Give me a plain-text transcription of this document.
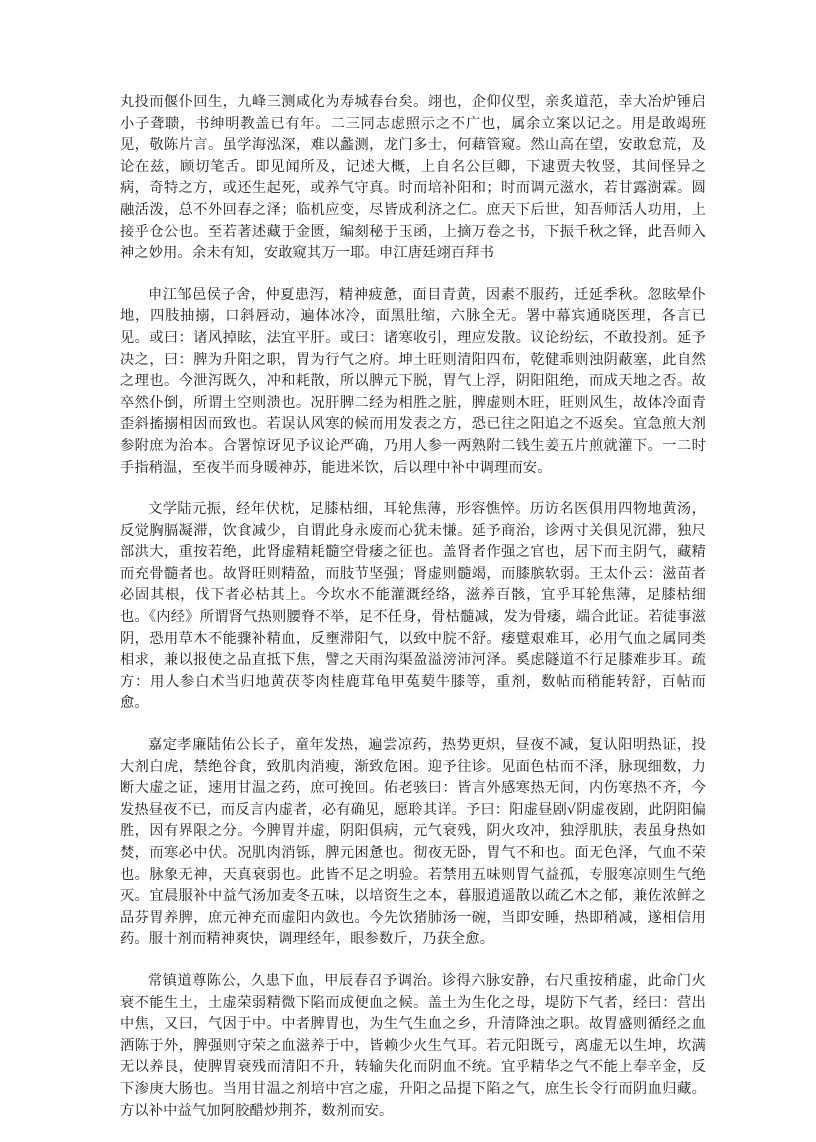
丸投而偃仆回生，九峰三测咸化为寿城春台矣。翊也，企仰仪型，亲炙道范，幸大冶炉锤启小子聋聩，书绅明教盖已有年。二三同志虑照示之不广也，属余立案以记之。用是敢竭班见，敬陈片言。虽学海泓深，难以蠡测，龙门多士，何藉管窥。然山高在望，安敢怠荒，及论在兹，顾切笔舌。即见闻所及，记述大概，上自名公巨卿，下逮贾夫牧竖，其间怪异之病，奇特之方，或还生起死，或养气守真。时而培补阳和；时而调元滋水，若甘露澍霖。圆融活泼，总不外回春之泽；临机应变，尽皆成利济之仁。庶天下后世，知吾师活人功用，上接乎仓公也。至若著述藏于金匮，编刻秘于玉函，上摘万卷之书，下振千秋之铎，此吾师入神之妙用。余未有知，安敢窥其万一耶。申江唐廷翊百拜书

申江邹邑侯子舍，仲夏患泻，精神疲惫，面目青黄，因素不服药，迁延季秋。忽眩晕仆地，四肢抽搦，口斜唇动，遍体冰冷，面黑肚缩，六脉全无。署中幕宾通晓医理，各言已见。或曰：诸风掉眩，法宜平肝。或曰：诸寒收引，理应发散。议论纷纭，不敢投剂。延予决之，曰：脾为升阳之职，胃为行气之府。坤土旺则清阳四布，乾健乖则浊阴蔽塞，此自然之理也。今泄泻既久，冲和耗散，所以脾元下脱，胃气上浮，阴阳阻绝，而成天地之否。故卒然仆倒，所谓土空则溃也。况肝脾二经为相胜之脏，脾虚则木旺，旺则风生，故体冷面青歪斜搐搦相因而致也。若误认风寒的候而用发表之方，恐已往之阳追之不返矣。宜急煎大剂参附庶为治本。合署惊讶见予议论严确，乃用人参一两熟附二钱生姜五片煎就灌下。一二时手指稍温，至夜半而身暖神苏，能进米饮，后以理中补中调理而安。

文学陆元振，经年伏枕，足膝枯细，耳轮焦薄，形容憔悴。历访名医俱用四物地黄汤，反觉胸膈凝滞，饮食减少，自谓此身永废而心犹未慊。延予商治，诊两寸关俱见沉滞，独尺部洪大，重按若绝，此肾虚精耗髓空骨痿之征也。盖肾者作强之官也，居下而主阴气，藏精而充骨髓者也。故肾旺则精盈，而肢节坚强；肾虚则髓竭，而膝膑软弱。王太仆云：滋苗者必固其根，伐下者必枯其上。今坎水不能灌溉经络，滋养百骸，宜乎耳轮焦薄，足膝枯细也。《内经》所谓肾气热则腰脊不举，足不任身，骨枯髓减，发为骨痿，端合此证。若徒事滋阴，恐用草木不能骤补精血，反壅滞阳气，以致中脘不舒。痿躄艰难耳，必用气血之属同类相求，兼以报使之品直抵下焦，譬之天雨沟渠盈溢滂沛河泽。奚虑隧道不行足膝难步耳。疏方：用人参白术当归地黄茯苓肉桂鹿茸龟甲菟葜牛膝等，重剂，数帖而稍能转舒，百帖而愈。

嘉定孝廉陆佑公长子，童年发热，遍尝凉药，热势更炽，昼夜不减，复认阳明热证，投大剂白虎，禁绝谷食，致肌肉消瘦，渐致危困。迎予往诊。见面色枯而不泽，脉现细数，力断大虚之证，速用甘温之药，庶可挽回。佑老骇曰：皆言外感寒热无间，内伤寒热不齐，今发热昼夜不已，而反言内虚者，必有确见，愿聆其详。予曰：阳虚昼剧√阴虚夜剧，此阴阳偏胜，因有界限之分。今脾胃并虚，阴阳俱病，元气衰残，阴火攻冲，独浮肌肤，表虽身热如焚，而寒必中伏。况肌肉消铄，脾元困惫也。彻夜无卧，胃气不和也。面无色泽，气血不荣也。脉象无神，天真衰弱也。此皆不足之明验。若禁用五味则胃气益孤，专服寒凉则生气绝灭。宜晨服补中益气汤加麦冬五味，以培资生之本，暮服逍遥散以疏乙木之郁，兼佐浓鲜之品芬胃养脾，庶元神充而虚阳内敛也。今先饮猪肺汤一碗，当即安睡，热即稍减，遂相信用药。服十剂而精神爽快，调理经年，眼参数斤，乃获全愈。

常镇道尊陈公，久患下血，甲辰春召予调治。诊得六脉安静，右尺重按稍虚，此命门火衰不能生土，土虚荣弱精微下陷而成便血之候。盖土为生化之母，堤防下气者，经曰：营出中焦，又曰，气因于中。中者脾胃也，为生气生血之乡，升清降浊之职。故胃盛则循经之血洒陈于外，脾强则守荣之血滋养于中，皆赖少火生气耳。若元阳既亏，离虚无以生坤，坎满无以养艮，使脾胃衰残而清阳不升，转输失化而阴血不统。宜乎精华之气不能上奉辛金，反下渗庚大肠也。当用甘温之剂培中宫之虚，升阳之品提下陷之气，庶生长令行而阴血归藏。方以补中益气加阿胶醋炒荆芥，数剂而安。
